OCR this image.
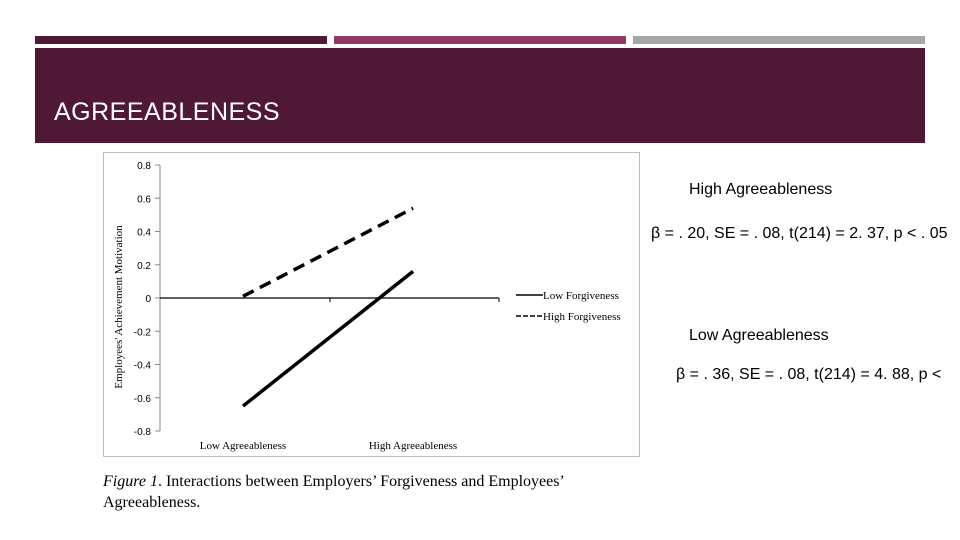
AGREEABLENESS
0.8
0.6
0.4
0.2
0
-0.2
-0.4
-0.6
-0.8
Low Agreeableness	High Agreeableness
Employees' Achievement Motivation	Low Forgiveness
High Forgiveness
Figure 1. Interactions between Employers’ Forgiveness and Employees’ Agreeableness.
High Agreeableness
β = . 20, SE = . 08, t(214) = 2. 37, p < . 05
Low Agreeableness
β = . 36, SE = . 08, t(214) = 4. 88, p <
